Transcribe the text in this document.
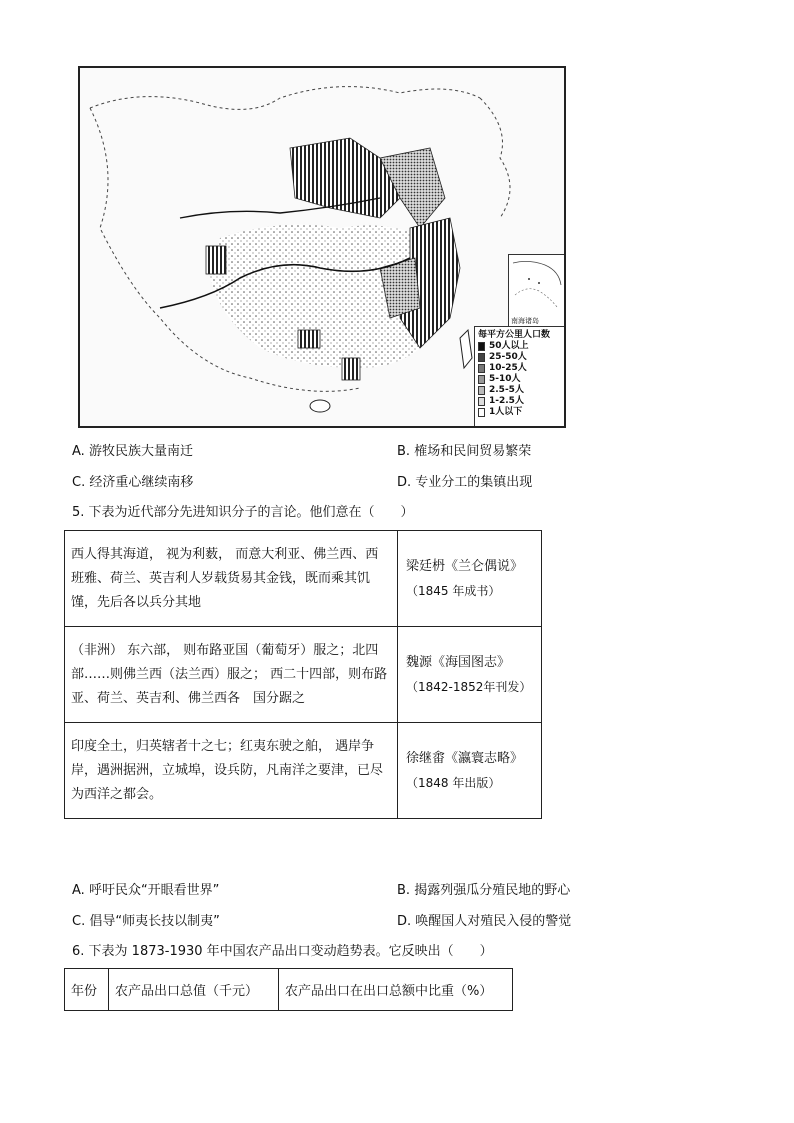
南海诸岛
每平方公里人口数
50人以上
25-50人
10-25人
5-10人
2.5-5人
1-2.5人
1人以下
A. 游牧民族大量南迁	B. 榷场和民间贸易繁荣
C. 经济重心继续南移	D. 专业分工的集镇出现
5. 下表为近代部分先进知识分子的言论。他们意在（　　）
西人得其海道， 视为利薮， 而意大利亚、佛兰西、西班雅、荷兰、英吉利人岁载货易其金钱，既而乘其饥馑，先后各以兵分其地	梁廷枬《兰仑偶说》
（1845 年成书）

（非洲） 东六部， 则布路亚国（葡萄牙）服之；北四部……则佛兰西（法兰西）服之； 西二十四部，则布路亚、荷兰、英吉利、佛兰西各　国分踞之	魏源《海国图志》
（1842-1852年刊发）

印度全土，归英辖者十之七；红夷东驶之舶， 遇岸争岸，遇洲据洲，立城埠，设兵防，凡南洋之要津，已尽为西洋之都会。	徐继畬《瀛寰志略》
（1848 年出版）
A. 呼吁民众“开眼看世界”	B. 揭露列强瓜分殖民地的野心
C. 倡导“师夷长技以制夷”	D. 唤醒国人对殖民入侵的警觉
6. 下表为 1873-1930 年中国农产品出口变动趋势表。它反映出（　　）
年份	农产品出口总值（千元）	农产品出口在出口总额中比重（%）
